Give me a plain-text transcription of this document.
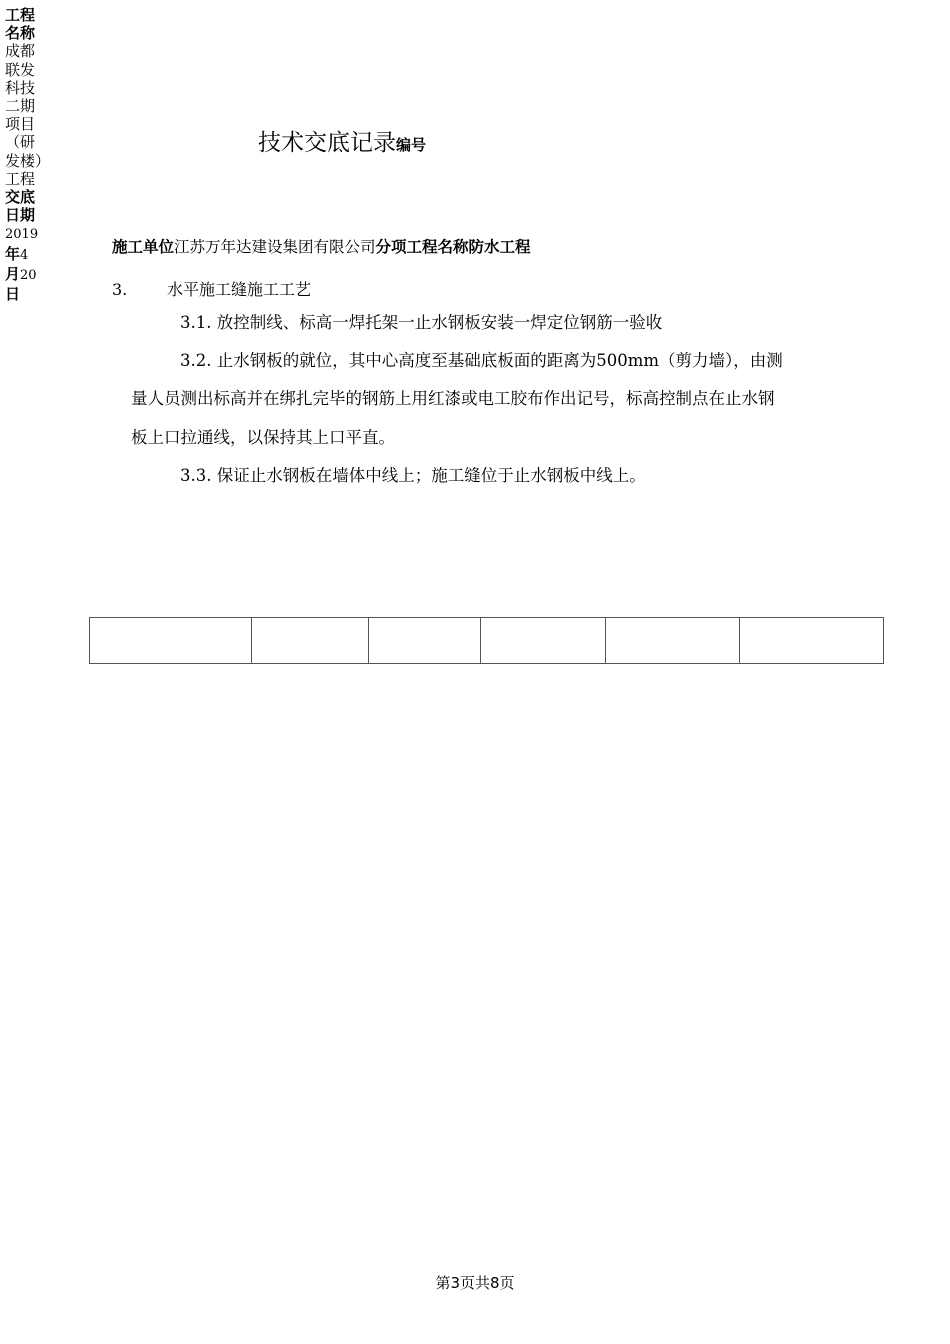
工程名称成都联发科技二期项目（研发楼）工程交底日期2019年4月20日
技术交底记录编号
施工单位江苏万年达建设集团有限公司分项工程名称防水工程
3. 水平施工缝施工工艺
3.1. 放控制线、标高一焊托架一止水钢板安装一焊定位钢筋一验收
3.2. 止水钢板的就位，其中心高度至基础底板面的距离为500mm（剪力墙），由测
量人员测出标高并在绑扎完毕的钢筋上用红漆或电工胶布作出记号，标高控制点在止水钢
板上口拉通线，以保持其上口平直。
3.3. 保证止水钢板在墙体中线上；施工缝位于止水钢板中线上。
第3页共8页
